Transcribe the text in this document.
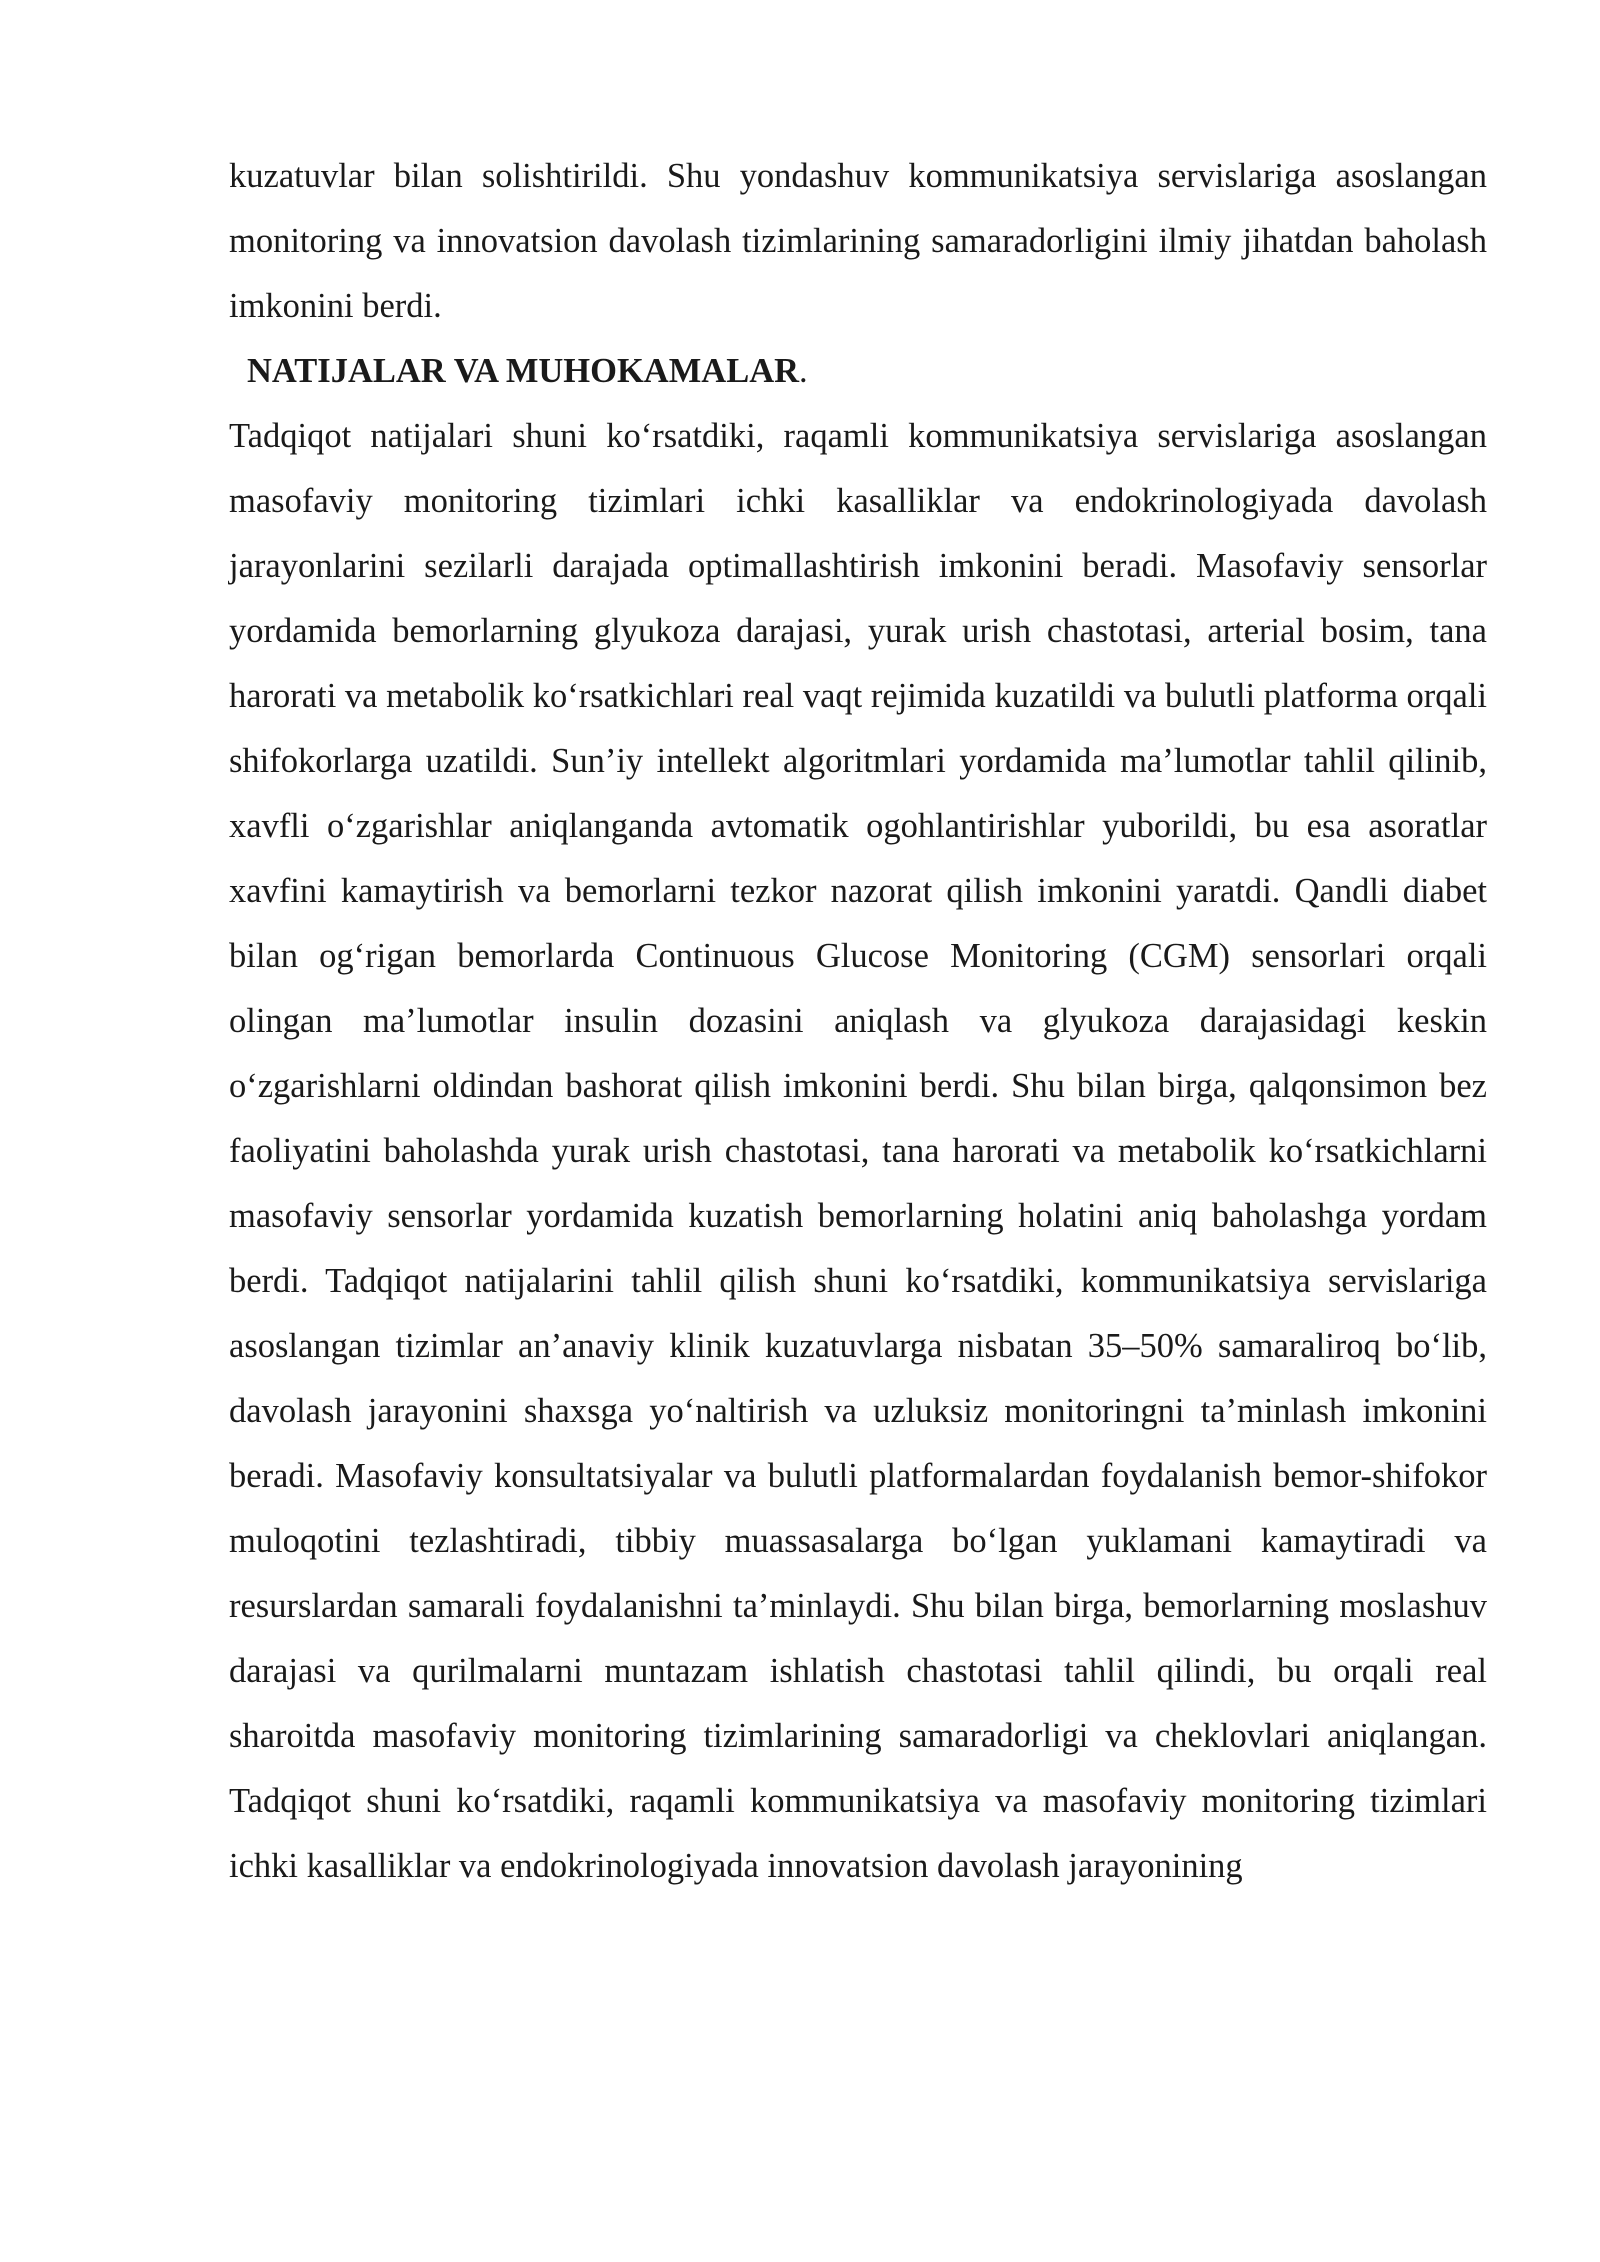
kuzatuvlar bilan solishtirildi. Shu yondashuv kommunikatsiya servislariga asoslangan monitoring va innovatsion davolash tizimlarining samaradorligini ilmiy jihatdan baholash imkonini berdi.

NATIJALAR VA MUHOKAMALAR.

Tadqiqot natijalari shuni ko‘rsatdiki, raqamli kommunikatsiya servislariga asoslangan masofaviy monitoring tizimlari ichki kasalliklar va endokrinologiyada davolash jarayonlarini sezilarli darajada optimallashtirish imkonini beradi. Masofaviy sensorlar yordamida bemorlarning glyukoza darajasi, yurak urish chastotasi, arterial bosim, tana harorati va metabolik ko‘rsatkichlari real vaqt rejimida kuzatildi va bulutli platforma orqali shifokorlarga uzatildi. Sun’iy intellekt algoritmlari yordamida ma’lumotlar tahlil qilinib, xavfli o‘zgarishlar aniqlanganda avtomatik ogohlantirishlar yuborildi, bu esa asoratlar xavfini kamaytirish va bemorlarni tezkor nazorat qilish imkonini yaratdi. Qandli diabet bilan og‘rigan bemorlarda Continuous Glucose Monitoring (CGM) sensorlari orqali olingan ma’lumotlar insulin dozasini aniqlash va glyukoza darajasidagi keskin o‘zgarishlarni oldindan bashorat qilish imkonini berdi. Shu bilan birga, qalqonsimon bez faoliyatini baholashda yurak urish chastotasi, tana harorati va metabolik ko‘rsatkichlarni masofaviy sensorlar yordamida kuzatish bemorlarning holatini aniq baholashga yordam berdi. Tadqiqot natijalarini tahlil qilish shuni ko‘rsatdiki, kommunikatsiya servislariga asoslangan tizimlar an’anaviy klinik kuzatuvlarga nisbatan 35–50% samaraliroq bo‘lib, davolash jarayonini shaxsga yo‘naltirish va uzluksiz monitoringni ta’minlash imkonini beradi. Masofaviy konsultatsiyalar va bulutli platformalardan foydalanish bemor-shifokor muloqotini tezlashtiradi, tibbiy muassasalarga bo‘lgan yuklamani kamaytiradi va resurslardan samarali foydalanishni ta’minlaydi. Shu bilan birga, bemorlarning moslashuv darajasi va qurilmalarni muntazam ishlatish chastotasi tahlil qilindi, bu orqali real sharoitda masofaviy monitoring tizimlarining samaradorligi va cheklovlari aniqlangan. Tadqiqot shuni ko‘rsatdiki, raqamli kommunikatsiya va masofaviy monitoring tizimlari ichki kasalliklar va endokrinologiyada innovatsion davolash jarayonining
